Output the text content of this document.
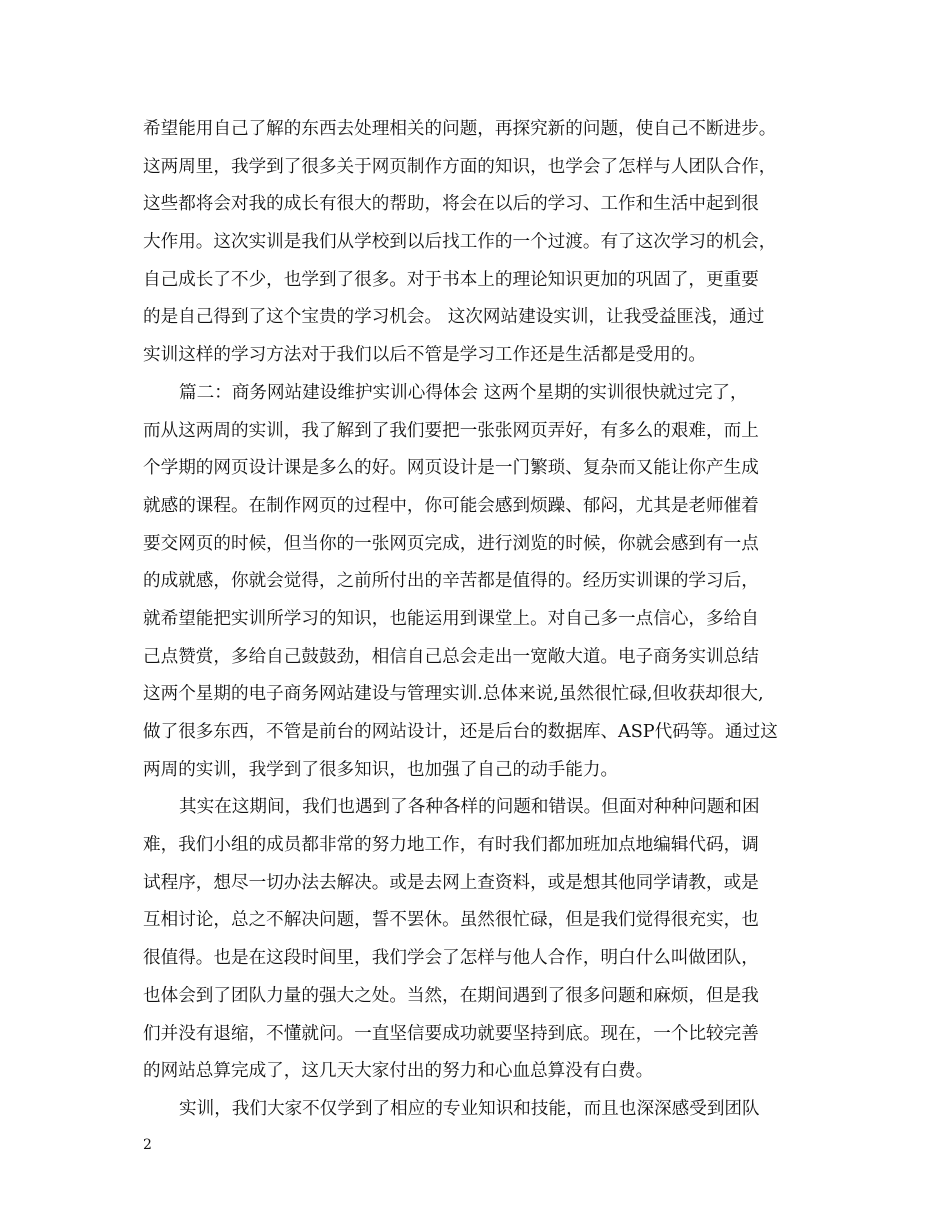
希望能用自己了解的东西去处理相关的问题，再探究新的问题，使自己不断进步。
这两周里，我学到了很多关于网页制作方面的知识，也学会了怎样与人团队合作，
这些都将会对我的成长有很大的帮助，将会在以后的学习、工作和生活中起到很
大作用。这次实训是我们从学校到以后找工作的一个过渡。有了这次学习的机会，
自己成长了不少，也学到了很多。对于书本上的理论知识更加的巩固了，更重要
的是自己得到了这个宝贵的学习机会。 这次网站建设实训，让我受益匪浅，通过
实训这样的学习方法对于我们以后不管是学习工作还是生活都是受用的。
篇二：商务网站建设维护实训心得体会 这两个星期的实训很快就过完了，
而从这两周的实训，我了解到了我们要把一张张网页弄好，有多么的艰难，而上
个学期的网页设计课是多么的好。网页设计是一门繁琐、复杂而又能让你产生成
就感的课程。在制作网页的过程中，你可能会感到烦躁、郁闷，尤其是老师催着
要交网页的时候，但当你的一张网页完成，进行浏览的时候，你就会感到有一点
的成就感，你就会觉得，之前所付出的辛苦都是值得的。经历实训课的学习后，
就希望能把实训所学习的知识，也能运用到课堂上。对自己多一点信心，多给自
己点赞赏，多给自己鼓鼓劲，相信自己总会走出一宽敞大道。电子商务实训总结
这两个星期的电子商务网站建设与管理实训.总体来说,虽然很忙碌,但收获却很大,
做了很多东西，不管是前台的网站设计，还是后台的数据库、ASP代码等。通过这
两周的实训，我学到了很多知识，也加强了自己的动手能力。
其实在这期间，我们也遇到了各种各样的问题和错误。但面对种种问题和困
难，我们小组的成员都非常的努力地工作，有时我们都加班加点地编辑代码，调
试程序，想尽一切办法去解决。或是去网上查资料，或是想其他同学请教，或是
互相讨论，总之不解决问题，誓不罢休。虽然很忙碌，但是我们觉得很充实，也
很值得。也是在这段时间里，我们学会了怎样与他人合作，明白什么叫做团队，
也体会到了团队力量的强大之处。当然，在期间遇到了很多问题和麻烦，但是我
们并没有退缩，不懂就问。一直坚信要成功就要坚持到底。现在，一个比较完善
的网站总算完成了，这几天大家付出的努力和心血总算没有白费。
实训，我们大家不仅学到了相应的专业知识和技能，而且也深深感受到团队
2
